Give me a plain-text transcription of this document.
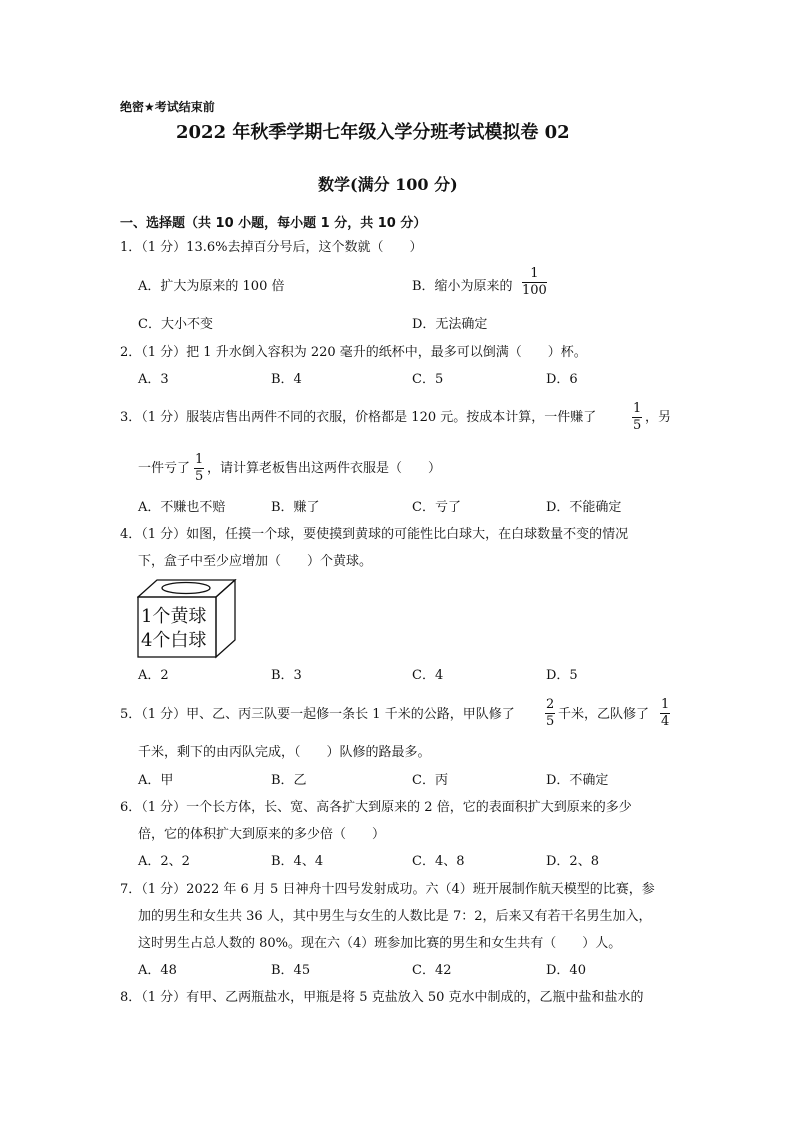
绝密★考试结束前
2022 年秋季学期七年级入学分班考试模拟卷 02
数学(满分 100 分)
一、选择题（共 10 小题，每小题 1 分，共 10 分）
1．（1 分）13.6%去掉百分号后，这个数就（　　）
A．扩大为原来的 100 倍	B．缩小为原来的 $\frac{1}{100}$
C．大小不变	D．无法确定
2．（1 分）把 1 升水倒入容积为 220 毫升的纸杯中，最多可以倒满（　　）杯。
A．3	B．4	C．5	D．6
3．（1 分）服装店售出两件不同的衣服，价格都是 120 元。按成本计算，一件赚了	$\frac{1}{5}$ ，另
一件亏了 $\frac{1}{5}$ ，请计算老板售出这两件衣服是（　　）
A．不赚也不赔	B．赚了	C．亏了	D．不能确定
4．（1 分）如图，任摸一个球，要使摸到黄球的可能性比白球大，在白球数量不变的情况
下，盒子中至少应增加（　　）个黄球。
1个黄球
4个白球
A．2	B．3	C．4	D．5
5．（1 分）甲、乙、丙三队要一起修一条长 1 千米的公路，甲队修了 $\frac{2}{5}$ 千米，乙队修了 $\frac{1}{4}$
千米，剩下的由丙队完成，（　　）队修的路最多。
A．甲	B．乙	C．丙	D．不确定
6．（1 分）一个长方体，长、宽、高各扩大到原来的 2 倍，它的表面积扩大到原来的多少
倍，它的体积扩大到原来的多少倍（　　）
A．2、2	B．4、4	C．4、8	D．2、8
7．（1 分）2022 年 6 月 5 日神舟十四号发射成功。六（4）班开展制作航天模型的比赛，参
加的男生和女生共 36 人，其中男生与女生的人数比是 7：2，后来又有若干名男生加入，
这时男生占总人数的 80%。现在六（4）班参加比赛的男生和女生共有（　　）人。
A．48	B．45	C．42	D．40
8．（1 分）有甲、乙两瓶盐水，甲瓶是将 5 克盐放入 50 克水中制成的，乙瓶中盐和盐水的
